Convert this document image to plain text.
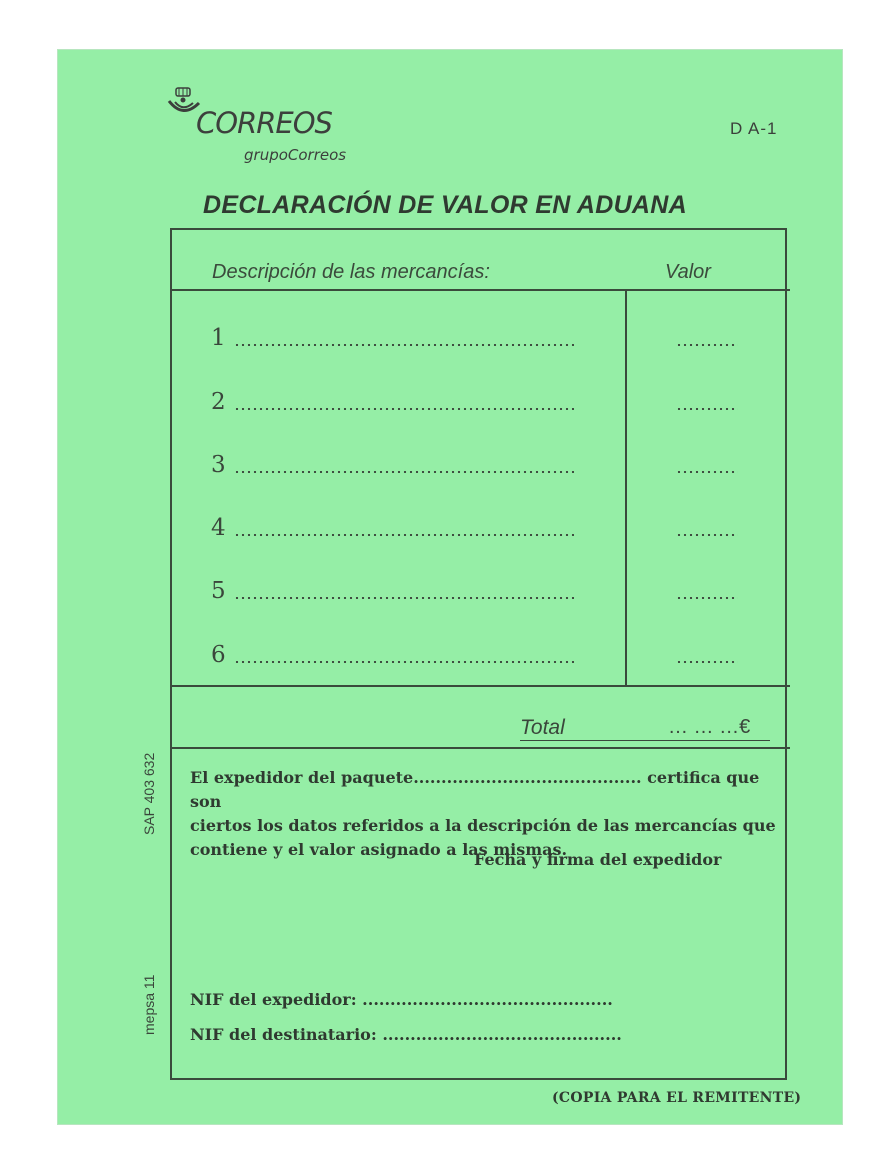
CORREOS
grupoCorreos
D A-1
DECLARACIÓN DE VALOR EN ADUANA
Descripción de las mercancías:	Valor
1
2
3
4
5
6
Total	… … …€
El expedidor del paquete......................................... certifica que son
ciertos los datos referidos a la descripción de las mercancías que
contiene y el valor asignado a las mismas.
Fecha y firma del expedidor
NIF del expedidor: .............................................
NIF del destinatario: ...........................................
(COPIA PARA EL REMITENTE)
SAP 403 632
mepsa 11
